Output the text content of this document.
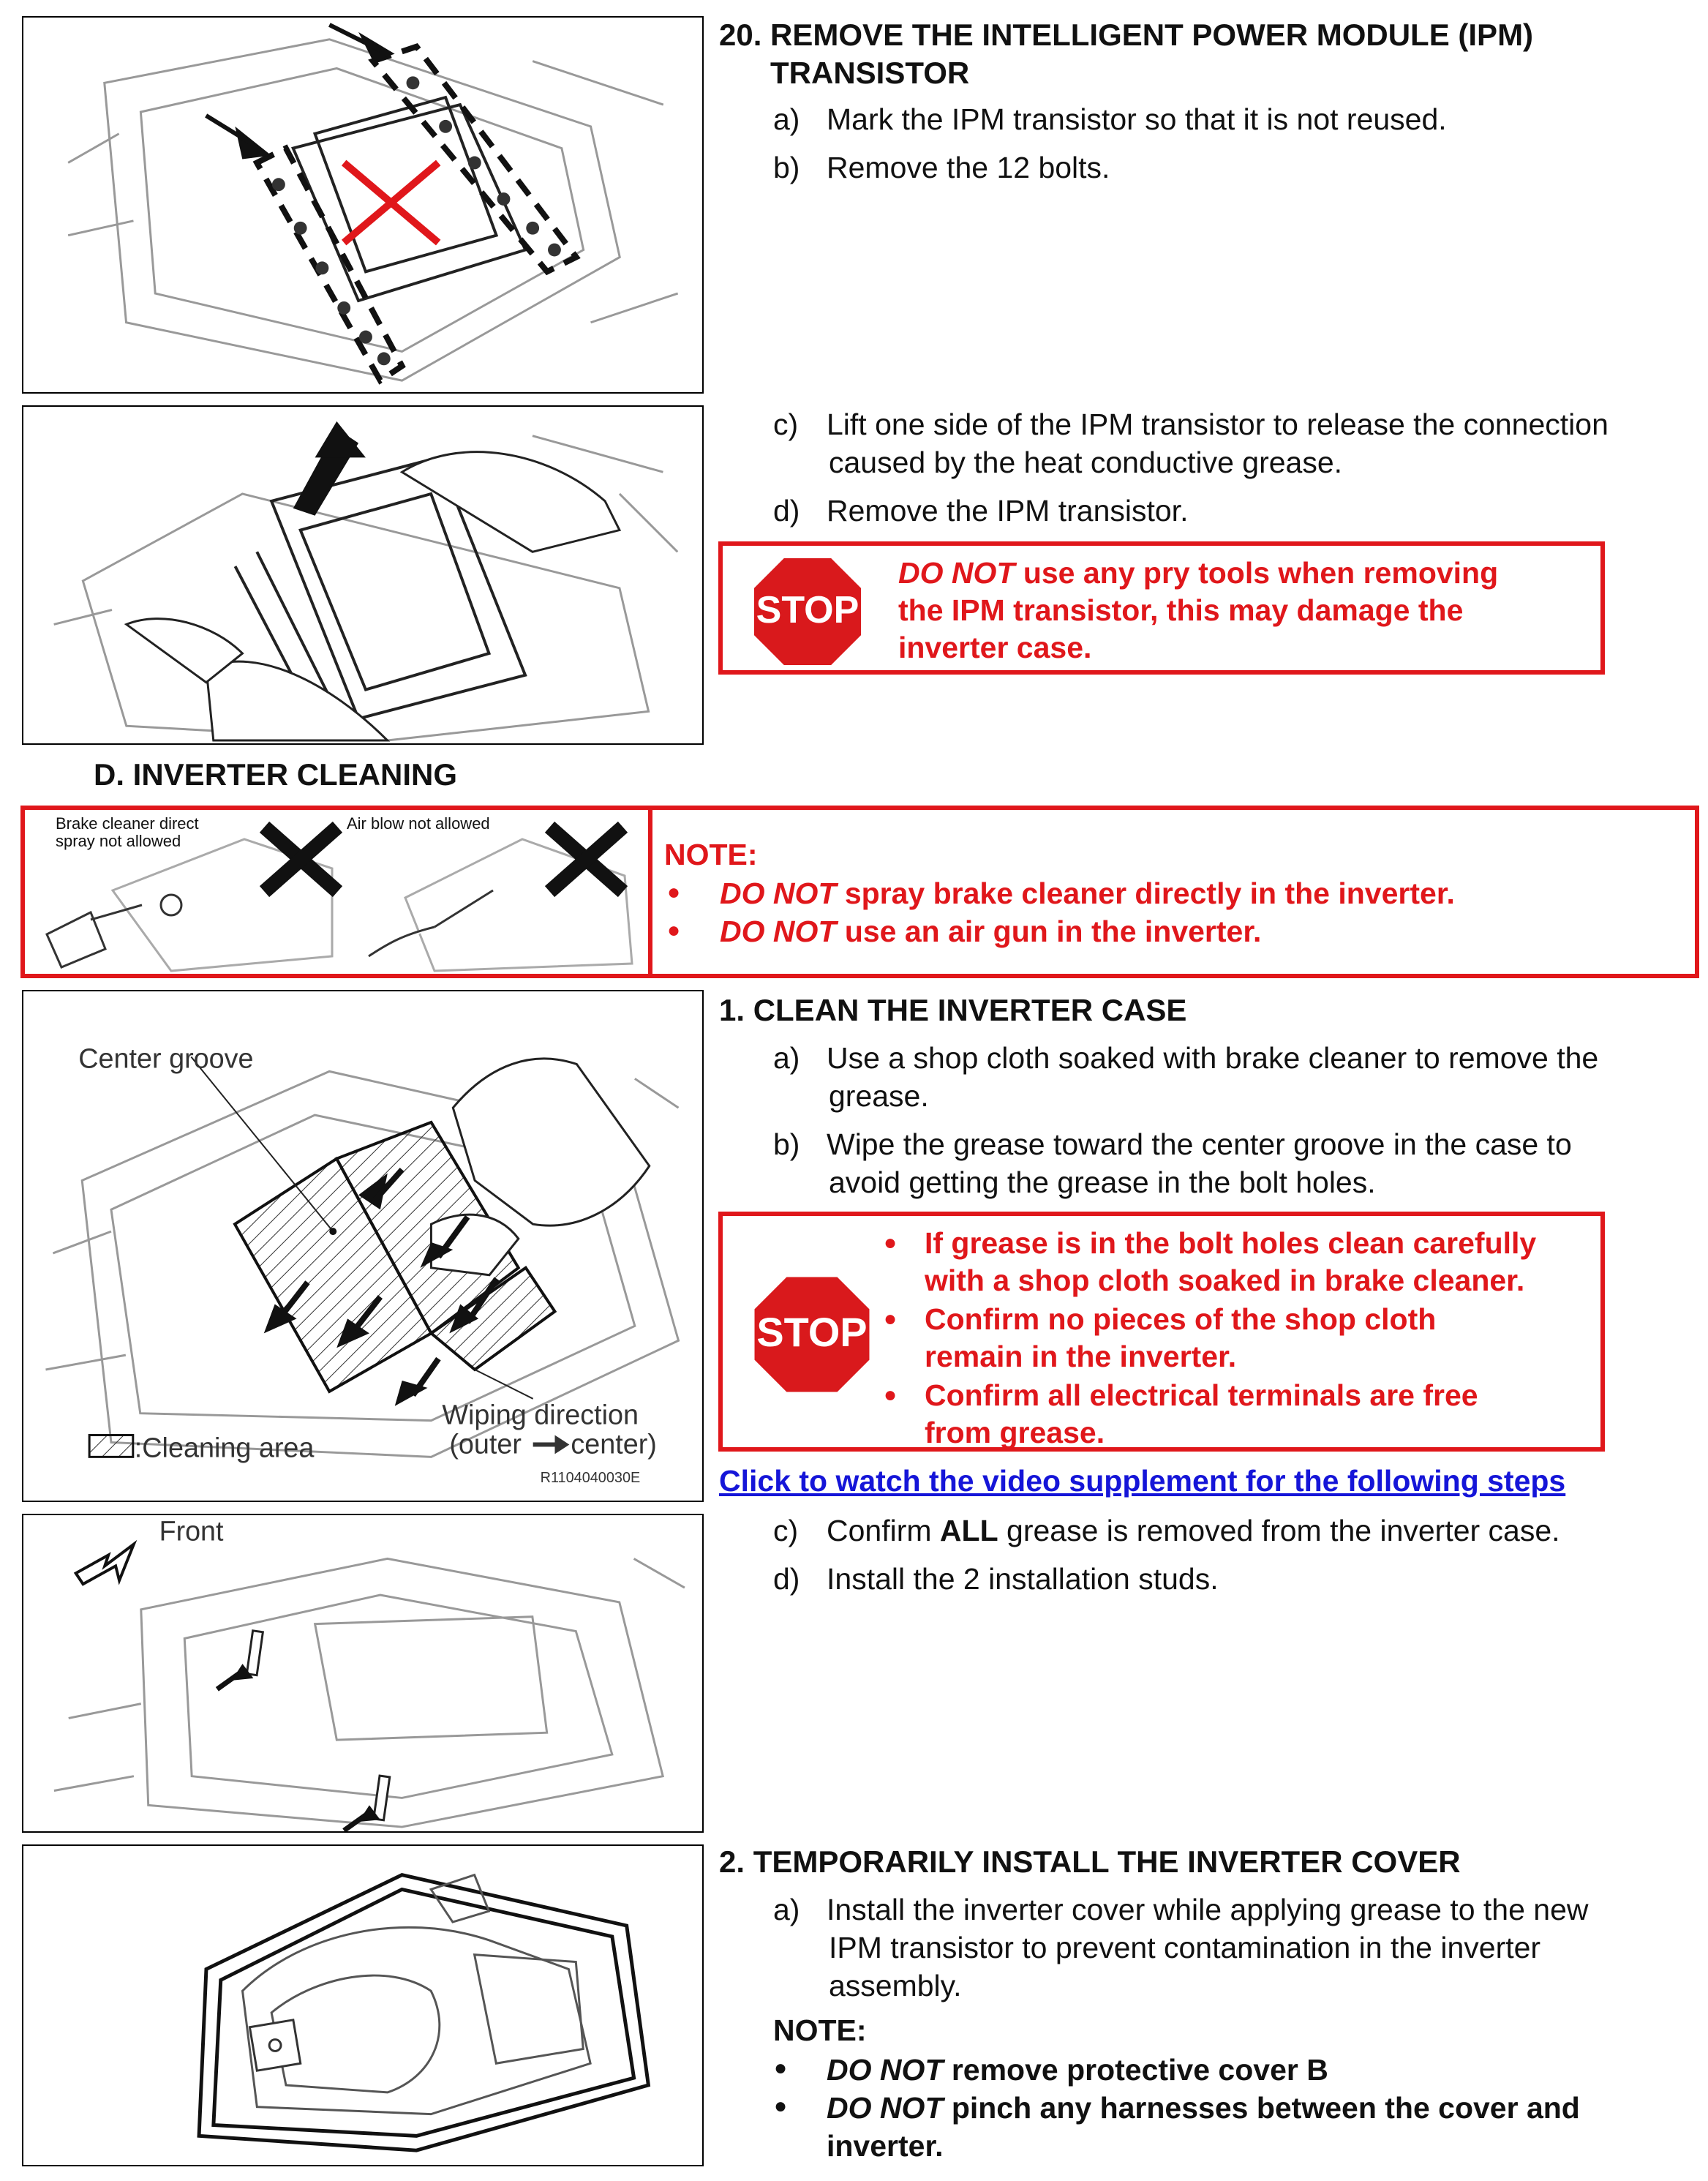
20. REMOVE THE INTELLIGENT POWER MODULE (IPM)
TRANSISTOR
a) Mark the IPM transistor so that it is not reused.
b) Remove the 12 bolts.
c) Lift one side of the IPM transistor to release the connection
caused by the heat conductive grease.
d) Remove the IPM transistor.
STOP
DO NOT use any pry tools when removing
the IPM transistor, this may damage the
inverter case.
D. INVERTER CLEANING
Brake cleaner direct
spray not allowed
Air blow not allowed
NOTE:
● DO NOT spray brake cleaner directly in the inverter.
● DO NOT use an air gun in the inverter.
Center groove
Wiping direction
(outer center)
:Cleaning area
R1104040030E
1. CLEAN THE INVERTER CASE
a) Use a shop cloth soaked with brake cleaner to remove the
grease.
b) Wipe the grease toward the center groove in the case to
avoid getting the grease in the bolt holes.
STOP
● If grease is in the bolt holes clean carefully
with a shop cloth soaked in brake cleaner.
● Confirm no pieces of the shop cloth
remain in the inverter.
● Confirm all electrical terminals are free
from grease.
Click to watch the video supplement for the following steps
Front	c) Confirm ALL grease is removed from the inverter case.
d) Install the 2 installation studs.
2. TEMPORARILY INSTALL THE INVERTER COVER
a) Install the inverter cover while applying grease to the new
IPM transistor to prevent contamination in the inverter
assembly.
NOTE:
● DO NOT remove protective cover B
● DO NOT pinch any harnesses between the cover and
inverter.
